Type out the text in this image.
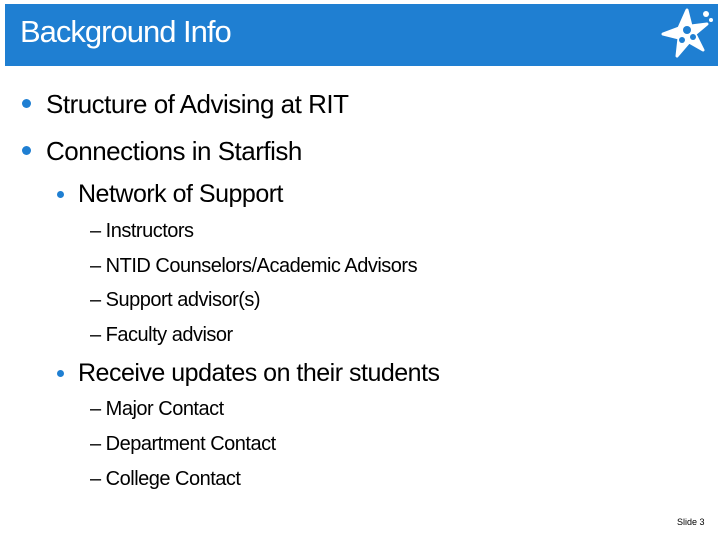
Background Info
Structure of Advising at RIT
Connections in Starfish
Network of Support
– Instructors
– NTID Counselors/Academic Advisors
– Support advisor(s)
– Faculty advisor
Receive updates on their students
– Major Contact
– Department Contact
– College Contact
Slide 3
